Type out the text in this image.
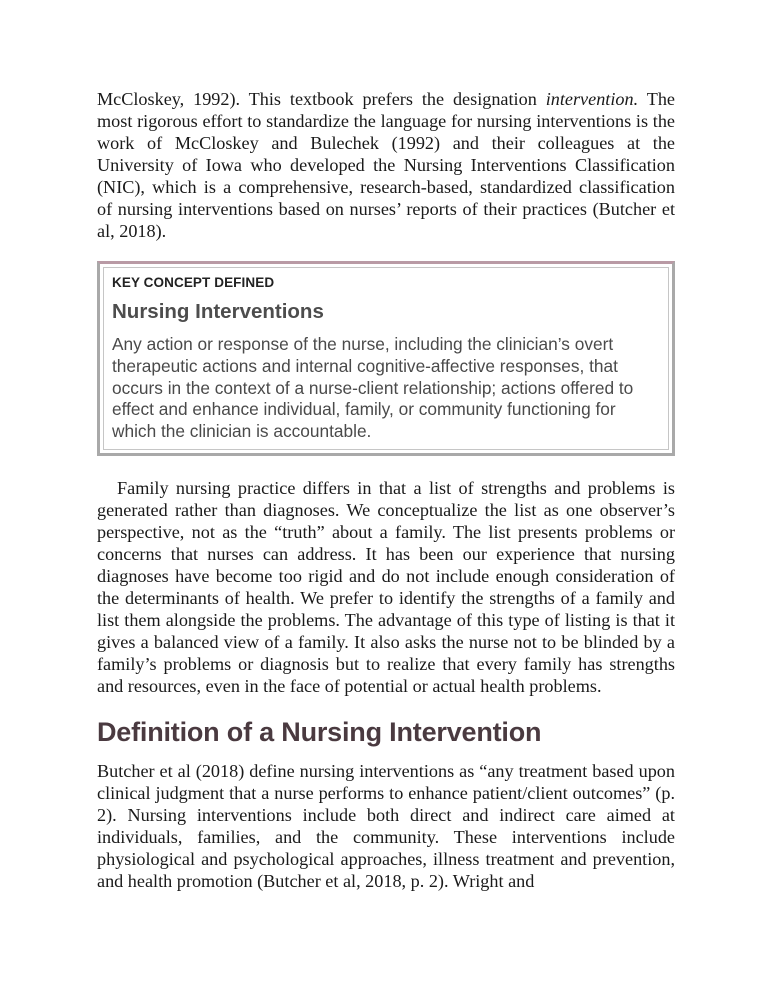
McCloskey, 1992). This textbook prefers the designation intervention. The most rigorous effort to standardize the language for nursing interventions is the work of McCloskey and Bulechek (1992) and their colleagues at the University of Iowa who developed the Nursing Interventions Classification (NIC), which is a comprehensive, research-based, standardized classification of nursing interventions based on nurses’ reports of their practices (Butcher et al, 2018).

KEY CONCEPT DEFINED
Nursing Interventions

Any action or response of the nurse, including the clinician’s overt therapeutic actions and internal cognitive-affective responses, that occurs in the context of a nurse-client relationship; actions offered to effect and enhance individual, family, or community functioning for which the clinician is accountable.

Family nursing practice differs in that a list of strengths and problems is generated rather than diagnoses. We conceptualize the list as one observer’s perspective, not as the “truth” about a family. The list presents problems or concerns that nurses can address. It has been our experience that nursing diagnoses have become too rigid and do not include enough consideration of the determinants of health. We prefer to identify the strengths of a family and list them alongside the problems. The advantage of this type of listing is that it gives a balanced view of a family. It also asks the nurse not to be blinded by a family’s problems or diagnosis but to realize that every family has strengths and resources, even in the face of potential or actual health problems.

Definition of a Nursing Intervention

Butcher et al (2018) define nursing interventions as “any treatment based upon clinical judgment that a nurse performs to enhance patient/client outcomes” (p. 2). Nursing interventions include both direct and indirect care aimed at individuals, families, and the community. These interventions include physiological and psychological approaches, illness treatment and prevention, and health promotion (Butcher et al, 2018, p. 2). Wright and
